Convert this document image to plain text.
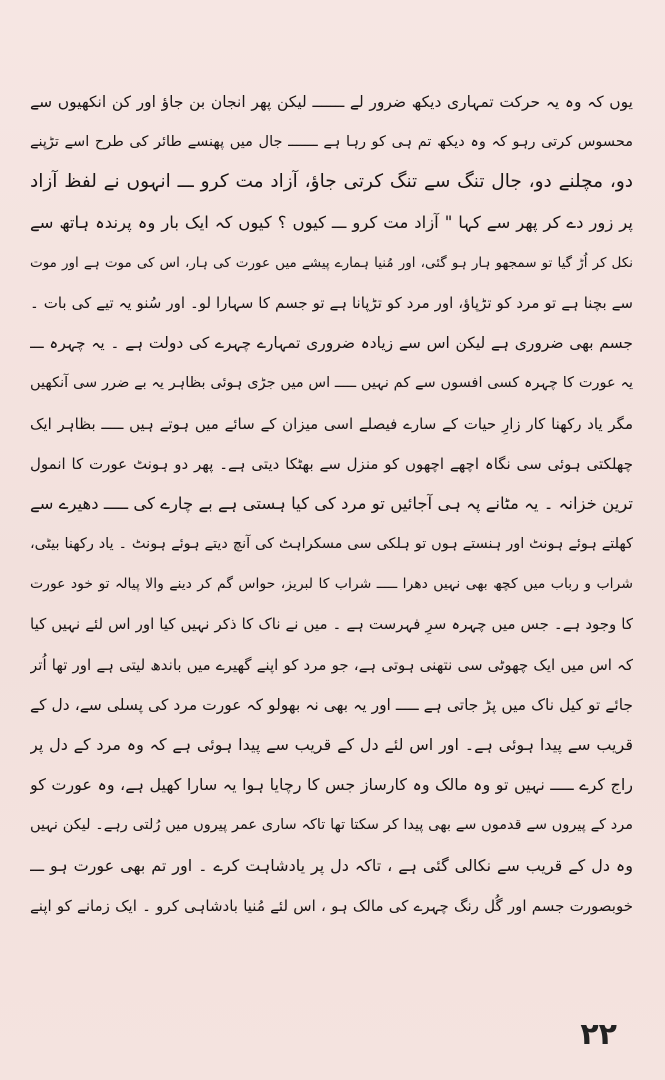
یوں کہ وہ یہ حرکت تمہاری دیکھ ضرور لے ـــــــ لیکن پھر انجان بن جاؤ اور کن انکھیوں سے
محسوس کرتی رہو کہ وہ دیکھ تم ہی کو رہا ہے ـــــــ جال میں پھنسے طائر کی طرح اسے تڑپنے
دو، مچلنے دو، جال تنگ سے تنگ کرتی جاؤ، آزاد مت کرو ـــ انہوں نے لفظ آزاد
پر زور دے کر پھر سے کہا " آزاد مت کرو ـــ کیوں ؟ کیوں کہ ایک بار وہ پرندہ ہاتھ سے
نکل کر اُڑ گیا تو سمجھو ہار ہو گئی، اور مُنیا ہمارے پیشے میں عورت کی ہار، اس کی موت ہے اور موت
سے بچنا ہے تو مرد کو تڑپاؤ، اور مرد کو تڑپانا ہے تو جسم کا سہارا لو۔ اور سُنو یہ تیے کی بات ۔
جسم بھی ضروری ہے لیکن اس سے زیادہ ضروری تمہارے چہرے کی دولت ہے ۔ یہ چہرہ ـــ
یہ عورت کا چہرہ کسی افسوں سے کم نہیں ـــــ اس میں جڑی ہوئی بظاہر یہ بے ضرر سی آنکھیں
مگر یاد رکھنا کار زارِ حیات کے سارے فیصلے اسی میزان کے سائے میں ہوتے ہیں ـــــ بظاہر ایک
چھلکتی ہوئی سی نگاہ اچھے اچھوں کو منزل سے بھٹکا دیتی ہے۔ پھر دو ہونٹ عورت کا انمول
ترین خزانہ ۔ یہ مٹانے پہ ہی آجائیں تو مرد کی کیا ہستی ہے بے چارے کی ـــــ دھیرے سے
کھلتے ہوئے ہونٹ اور ہنستے ہوں تو ہلکی سی مسکراہٹ کی آنچ دیتے ہوئے ہونٹ ۔ یاد رکھنا بیٹی،
شراب و رباب میں کچھ بھی نہیں دھرا ـــــ شراب کا لبریز، حواس گم کر دینے والا پیالہ تو خود عورت
کا وجود ہے۔ جس میں چہرہ سرِ فہرست ہے ۔ میں نے ناک کا ذکر نہیں کیا اور اس لئے نہیں کیا
کہ اس میں ایک چھوٹی سی نتھنی ہوتی ہے، جو مرد کو اپنے گھیرے میں باندھ لیتی ہے اور تھا اُتر
جائے تو کیل ناک میں پڑ جاتی ہے ـــــ اور یہ بھی نہ بھولو کہ عورت مرد کی پسلی سے، دل کے
قریب سے پیدا ہوئی ہے۔ اور اس لئے دل کے قریب سے پیدا ہوئی ہے کہ وہ مرد کے دل پر
راج کرے ـــــ نہیں تو وہ مالک وہ کارساز جس کا رچایا ہوا یہ سارا کھیل ہے، وہ عورت کو
مرد کے پیروں سے قدموں سے بھی پیدا کر سکتا تھا تاکہ ساری عمر پیروں میں رُلتی رہے۔ لیکن نہیں
وہ دل کے قریب سے نکالی گئی ہے ، تاکہ دل پر یادشاہت کرے ۔ اور تم بھی عورت ہو ـــ
خوبصورت جسم اور گُل رنگ چہرے کی مالک ہو ، اس لئے مُنیا بادشاہی کرو ۔ ایک زمانے کو اپنے
۲۲
